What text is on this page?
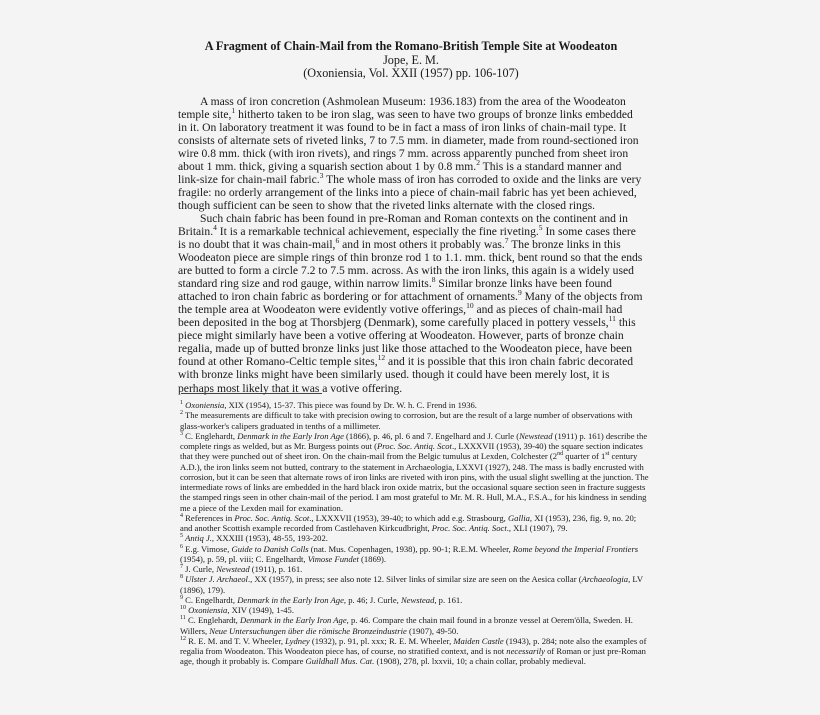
A Fragment of Chain-Mail from the Romano-British Temple Site at Woodeaton

Jope, E. M.

(Oxoniensia, Vol. XXII (1957) pp. 106-107)

A mass of iron concretion (Ashmolean Museum: 1936.183) from the area of the Woodeaton temple site,$^1$ hitherto taken to be iron slag, was seen to have two groups of bronze links embedded in it. On laboratory treatment it was found to be in fact a mass of iron links of chain-mail type. It consists of alternate sets of riveted links, 7 to 7.5 mm. in diameter, made from round-sectioned iron wire 0.8 mm. thick (with iron rivets), and rings 7 mm. across apparently punched from sheet iron about 1 mm. thick, giving a squarish section about 1 by 0.8 mm.$^2$ This is a standard manner and link-size for chain-mail fabric.$^3$ The whole mass of iron has corroded to oxide and the links are very fragile: no orderly arrangement of the links into a piece of chain-mail fabric has yet been achieved, though sufficient can be seen to show that the riveted links alternate with the closed rings.

Such chain fabric has been found in pre-Roman and Roman contexts on the continent and in Britain.$^4$ It is a remarkable technical achievement, especially the fine riveting.$^5$ In some cases there is no doubt that it was chain-mail,$^6$ and in most others it probably was.$^7$ The bronze links in this Woodeaton piece are simple rings of thin bronze rod 1 to 1.1. mm. thick, bent round so that the ends are butted to form a circle 7.2 to 7.5 mm. across. As with the iron links, this again is a widely used standard ring size and rod gauge, within narrow limits.$^8$ Similar bronze links have been found attached to iron chain fabric as bordering or for attachment of ornaments.$^9$ Many of the objects from the temple area at Woodeaton were evidently votive offerings,$^{10}$ and as pieces of chain-mail had been deposited in the bog at Thorsbjerg (Denmark), some carefully placed in pottery vessels,$^{11}$ this piece might similarly have been a votive offering at Woodeaton. However, parts of bronze chain regalia, made up of butted bronze links just like those attached to the Woodeaton piece, have been found at other Romano-Celtic temple sites,$^{12}$ and it is possible that this iron chain fabric decorated with bronze links might have been similarly used. though it could have been merely lost, it is perhaps most likely that it was a votive offering.

$^1$ Oxoniensia, XIX (1954), 15-37. This piece was found by Dr. W. h. C. Frend in 1936.

$^2$ The measurements are difficult to take with precision owing to corrosion, but are the result of a large number of observations with glass-worker's calipers graduated in tenths of a millimeter.

$^3$ C. Englehardt, Denmark in the Early Iron Age (1866), p. 46, pl. 6 and 7. Engelhard and J. Curle (Newstead (1911) p. 161) describe the complete rings as welded, but as Mr. Burgess points out (Proc. Soc. Antiq. Scot., LXXXVII (1953), 39-40) the square section indicates that they were punched out of sheet iron. On the chain-mail from the Belgic tumulus at Lexden, Colchester (2nd quarter of 1st century A.D.), the iron links seem not butted, contrary to the statement in Archaeologia, LXXVI (1927), 248. The mass is badly encrusted with corrosion, but it can be seen that alternate rows of iron links are riveted with iron pins, with the usual slight swelling at the junction. The intermediate rows of links are embedded in the hard black iron oxide matrix, but the occasional square section seen in fracture suggests the stamped rings seen in other chain-mail of the period. I am most grateful to Mr. M. R. Hull, M.A., F.S.A., for his kindness in sending me a piece of the Lexden mail for examination.

$^4$ References in Proc. Soc. Antiq. Scot., LXXXVII (1953), 39-40; to which add e.g. Strasbourg, Gallia, XI (1953), 236, fig. 9, no. 20; and another Scottish example recorded from Castlehaven Kirkcudbright, Proc. Soc. Antiq. Soct., XLI (1907), 79.

$^5$ Antiq J., XXXIII (1953), 48-55, 193-202.

$^6$ E.g. Vimose, Guide to Danish Colls (nat. Mus. Copenhagen, 1938), pp. 90-1; R.E.M. Wheeler, Rome beyond the Imperial Frontiers (1954), p. 59, pl. viii; C. Engelhardt, Vimose Fundet (1869).

$^7$ J. Curle, Newstead (1911), p. 161.

$^8$ Ulster J. Archaeol., XX (1957), in press; see also note 12. Silver links of similar size are seen on the Aesica collar (Archaeologia, LV (1896), 179).

$^9$ C. Engelhardt, Denmark in the Early Iron Age, p. 46; J. Curle, Newstead, p. 161.

$^{10}$ Oxoniensia, XIV (1949), 1-45.

$^{11}$ C. Englehardt, Denmark in the Early Iron Age, p. 46. Compare the chain mail found in a bronze vessel at Oerem'ölla, Sweden. H. Willers, Neue Untersuchungen über die römische Bronzeindustrie (1907), 49-50.

$^{12}$ R. E. M. and T. V. Wheeler, Lydney (1932), p. 91, pl. xxx; R. E. M. Wheeler, Maiden Castle (1943), p. 284; note also the examples of regalia from Woodeaton. This Woodeaton piece has, of course, no stratified context, and is not necessarily of Roman or just pre-Roman age, though it probably is. Compare Guildhall Mus. Cat. (1908), 278, pl. lxxvii, 10; a chain collar, probably medieval.
